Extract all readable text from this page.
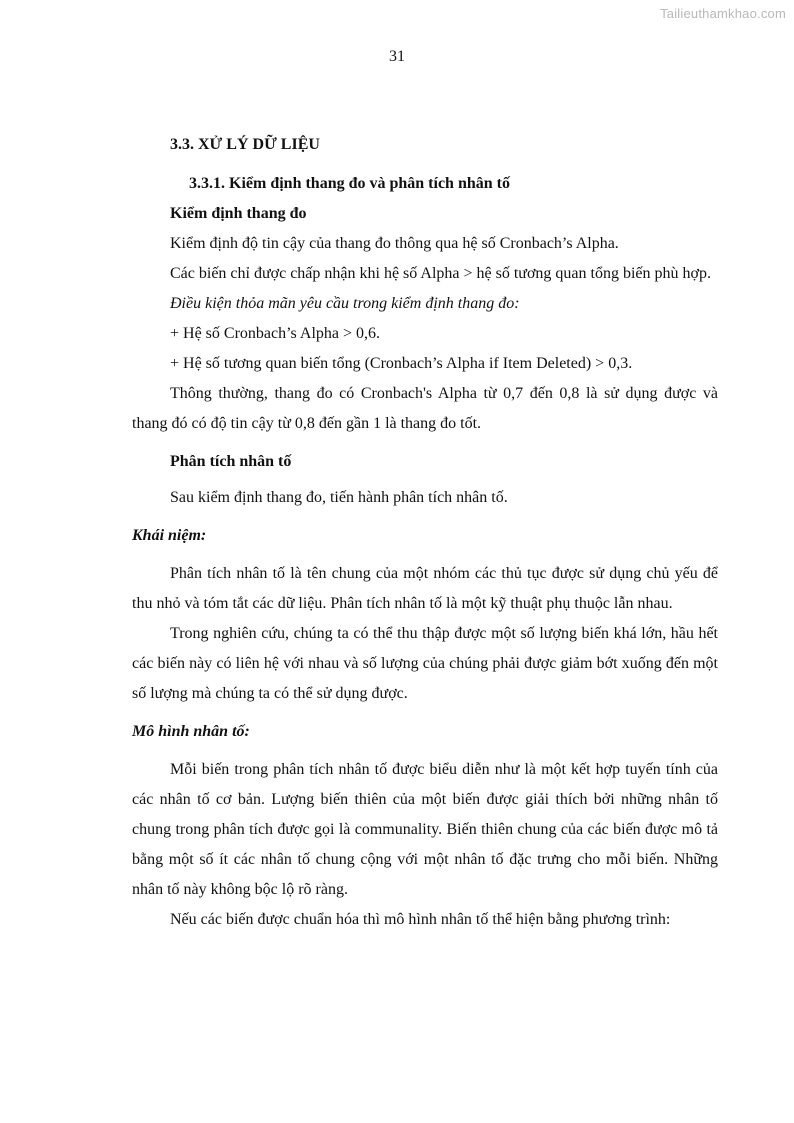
Tailieuthamkhao.com
31

3.3. XỬ LÝ DỮ LIỆU

3.3.1. Kiểm định thang đo và phân tích nhân tố

Kiểm định thang đo

Kiểm định độ tin cậy của thang đo thông qua hệ số Cronbach’s Alpha.

Các biến chỉ được chấp nhận khi hệ số Alpha > hệ số tương quan tổng biến phù hợp.

Điều kiện thỏa mãn yêu cầu trong kiểm định thang đo:

+ Hệ số Cronbach’s Alpha > 0,6.

+ Hệ số tương quan biến tổng (Cronbach’s Alpha if Item Deleted) > 0,3.

Thông thường, thang đo có Cronbach's Alpha từ 0,7 đến 0,8 là sử dụng được và thang đó có độ tin cậy từ 0,8 đến gần 1 là thang đo tốt.

Phân tích nhân tố

Sau kiểm định thang đo, tiến hành phân tích nhân tố.

Khái niệm:

Phân tích nhân tố là tên chung của một nhóm các thủ tục được sử dụng chủ yếu để thu nhỏ và tóm tắt các dữ liệu. Phân tích nhân tố là một kỹ thuật phụ thuộc lẫn nhau.

Trong nghiên cứu, chúng ta có thể thu thập được một số lượng biến khá lớn, hầu hết các biến này có liên hệ với nhau và số lượng của chúng phải được giảm bớt xuống đến một số lượng mà chúng ta có thể sử dụng được.

Mô hình nhân tố:

Mỗi biến trong phân tích nhân tố được biểu diễn như là một kết hợp tuyến tính của các nhân tố cơ bản. Lượng biến thiên của một biến được giải thích bởi những nhân tố chung trong phân tích được gọi là communality. Biến thiên chung của các biến được mô tả bằng một số ít các nhân tố chung cộng với một nhân tố đặc trưng cho mỗi biến. Những nhân tố này không bộc lộ rõ ràng.

Nếu các biến được chuẩn hóa thì mô hình nhân tố thể hiện bằng phương trình:
